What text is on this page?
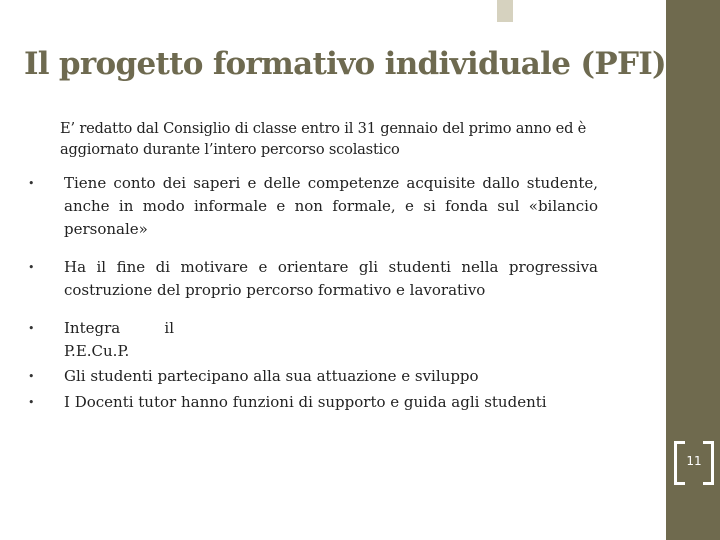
Il progetto formativo individuale (PFI)
E’ redatto dal Consiglio di classe entro il 31 gennaio del primo anno ed è aggiornato durante l’intero percorso scolastico
• Tiene conto dei saperi e delle competenze acquisite dallo studente, anche in modo informale e non formale, e si fonda sul «bilancio personale»
• Ha il fine di motivare e orientare gli studenti nella progressiva costruzione del proprio percorso formativo e lavorativo
• Integra il P.E.Cu.P.
• Gli studenti partecipano alla sua attuazione e sviluppo
• I Docenti tutor hanno funzioni di supporto e guida agli studenti
11
